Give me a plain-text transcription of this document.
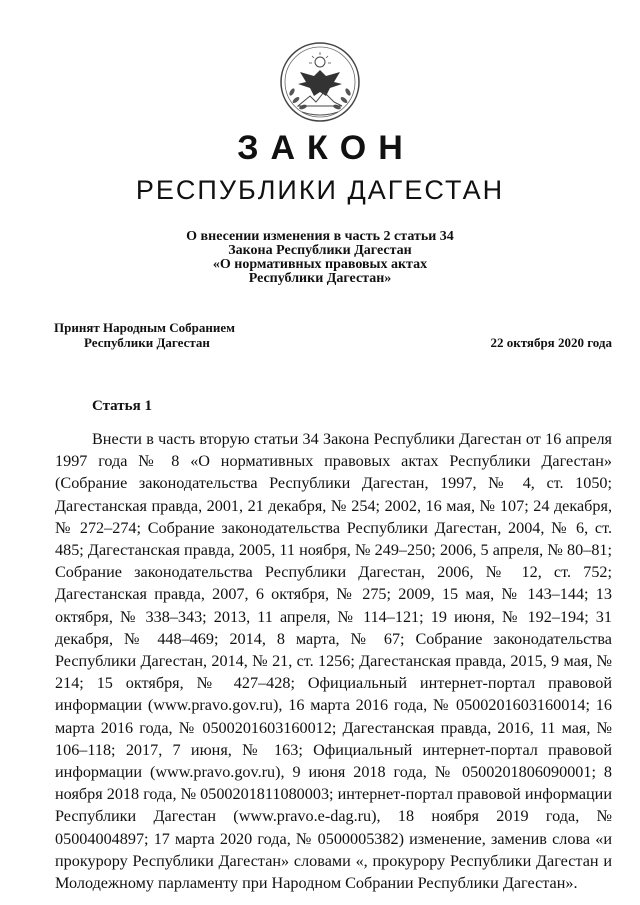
ЗАКОН
РЕСПУБЛИКИ ДАГЕСТАН
О внесении изменения в часть 2 статьи 34
Закона Республики Дагестан
«О нормативных правовых актах
Республики Дагестан»
Принят Народным Собранием
Республики Дагестан	22 октября 2020 года
Статья 1

Внести в часть вторую статьи 34 Закона Республики Дагестан от 16 апреля 1997 года № 8 «О нормативных правовых актах Республики Дагестан» (Собрание законодательства Республики Дагестан, 1997, № 4, ст. 1050; Дагестанская правда, 2001, 21 декабря, № 254; 2002, 16 мая, № 107; 24 декабря, № 272–274; Собрание законодательства Республики Дагестан, 2004, № 6, ст. 485; Дагестанская правда, 2005, 11 ноября, № 249–250; 2006, 5 апреля, № 80–81; Собрание законодательства Республики Дагестан, 2006, № 12, ст. 752; Дагестанская правда, 2007, 6 октября, № 275; 2009, 15 мая, № 143–144; 13 октября, № 338–343; 2013, 11 апреля, № 114–121; 19 июня, № 192–194; 31 декабря, № 448–469; 2014, 8 марта, № 67; Собрание законодательства Республики Дагестан, 2014, № 21, ст. 1256; Дагестанская правда, 2015, 9 мая, № 214; 15 октября, № 427–428; Официальный интернет-портал правовой информации (www.pravo.gov.ru), 16 марта 2016 года, № 0500201603160014; 16 марта 2016 года, № 0500201603160012; Дагестанская правда, 2016, 11 мая, № 106–118; 2017, 7 июня, № 163; Официальный интернет-портал правовой информации (www.pravo.gov.ru), 9 июня 2018 года, № 0500201806090001; 8 ноября 2018 года, № 0500201811080003; интернет-портал правовой информации Республики Дагестан (www.pravo.e-dag.ru), 18 ноября 2019 года, № 05004004897; 17 марта 2020 года, № 0500005382) изменение, заменив слова «и прокурору Республики Дагестан» словами «, прокурору Республики Дагестан и Молодежному парламенту при Народном Собрании Республики Дагестан».
